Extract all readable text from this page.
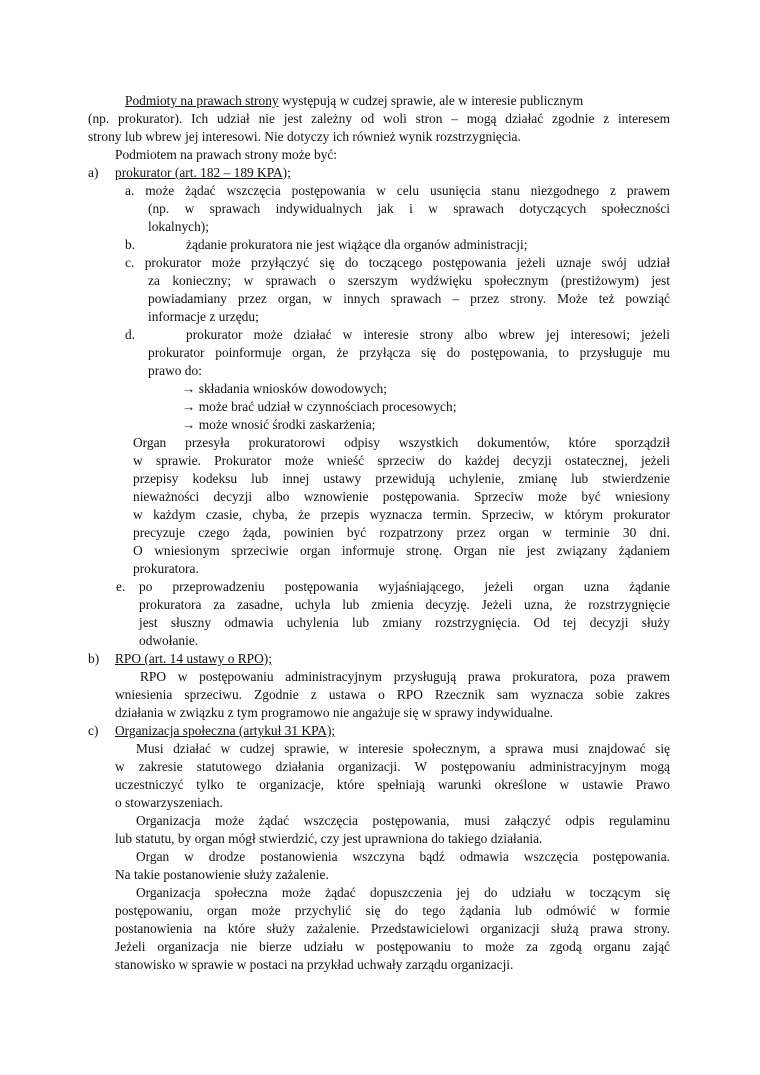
Podmioty na prawach strony występują w cudzej sprawie, ale w interesie publicznym
(np. prokurator). Ich udział nie jest zależny od woli stron – mogą działać zgodnie z interesem
strony lub wbrew jej interesowi. Nie dotyczy ich również wynik rozstrzygnięcia.
Podmiotem na prawach strony może być:
a) prokurator (art. 182 – 189 KPA);
a. może żądać wszczęcia postępowania w celu usunięcia stanu niezgodnego z prawem
(np. w sprawach indywidualnych jak i w sprawach dotyczących społeczności
lokalnych);
b.	żądanie prokuratora nie jest wiążące dla organów administracji;
c. prokurator może przyłączyć się do toczącego postępowania jeżeli uznaje swój udział
za konieczny; w sprawach o szerszym wydźwięku społecznym (prestiżowym) jest
powiadamiany przez organ, w innych sprawach – przez strony. Może też powziąć
informacje z urzędu;
d.	prokurator może działać w interesie strony albo wbrew jej interesowi; jeżeli
prokurator poinformuje organ, że przyłącza się do postępowania, to przysługuje mu
prawo do:
→ składania wniosków dowodowych;
→ może brać udział w czynnościach procesowych;
→ może wnosić środki zaskarżenia;
Organ przesyła prokuratorowi odpisy wszystkich dokumentów, które sporządził
w sprawie. Prokurator może wnieść sprzeciw do każdej decyzji ostatecznej, jeżeli
przepisy kodeksu lub innej ustawy przewidują uchylenie, zmianę lub stwierdzenie
nieważności decyzji albo wznowienie postępowania. Sprzeciw może być wniesiony
w każdym czasie, chyba, że przepis wyznacza termin. Sprzeciw, w którym prokurator
precyzuje czego żąda, powinien być rozpatrzony przez organ w terminie 30 dni.
O wniesionym sprzeciwie organ informuje stronę. Organ nie jest związany żądaniem
prokuratora.
e. po przeprowadzeniu postępowania wyjaśniającego, jeżeli organ uzna żądanie
prokuratora za zasadne, uchyla lub zmienia decyzję. Jeżeli uzna, że rozstrzygnięcie
jest słuszny odmawia uchylenia lub zmiany rozstrzygnięcia. Od tej decyzji służy
odwołanie.
b) RPO (art. 14 ustawy o RPO);
RPO w postępowaniu administracyjnym przysługują prawa prokuratora, poza prawem
wniesienia sprzeciwu. Zgodnie z ustawa o RPO Rzecznik sam wyznacza sobie zakres
działania w związku z tym programowo nie angażuje się w sprawy indywidualne.
c) Organizacja społeczna (artykuł 31 KPA);
Musi działać w cudzej sprawie, w interesie społecznym, a sprawa musi znajdować się
w zakresie statutowego działania organizacji. W postępowaniu administracyjnym mogą
uczestniczyć tylko te organizacje, które spełniają warunki określone w ustawie Prawo
o stowarzyszeniach.
Organizacja może żądać wszczęcia postępowania, musi załączyć odpis regulaminu
lub statutu, by organ mógł stwierdzić, czy jest uprawniona do takiego działania.
Organ w drodze postanowienia wszczyna bądź odmawia wszczęcia postępowania.
Na takie postanowienie służy zażalenie.
Organizacja społeczna może żądać dopuszczenia jej do udziału w toczącym się
postępowaniu, organ może przychylić się do tego żądania lub odmówić w formie
postanowienia na które służy zażalenie. Przedstawicielowi organizacji służą prawa strony.
Jeżeli organizacja nie bierze udziału w postępowaniu to może za zgodą organu zająć
stanowisko w sprawie w postaci na przykład uchwały zarządu organizacji.
